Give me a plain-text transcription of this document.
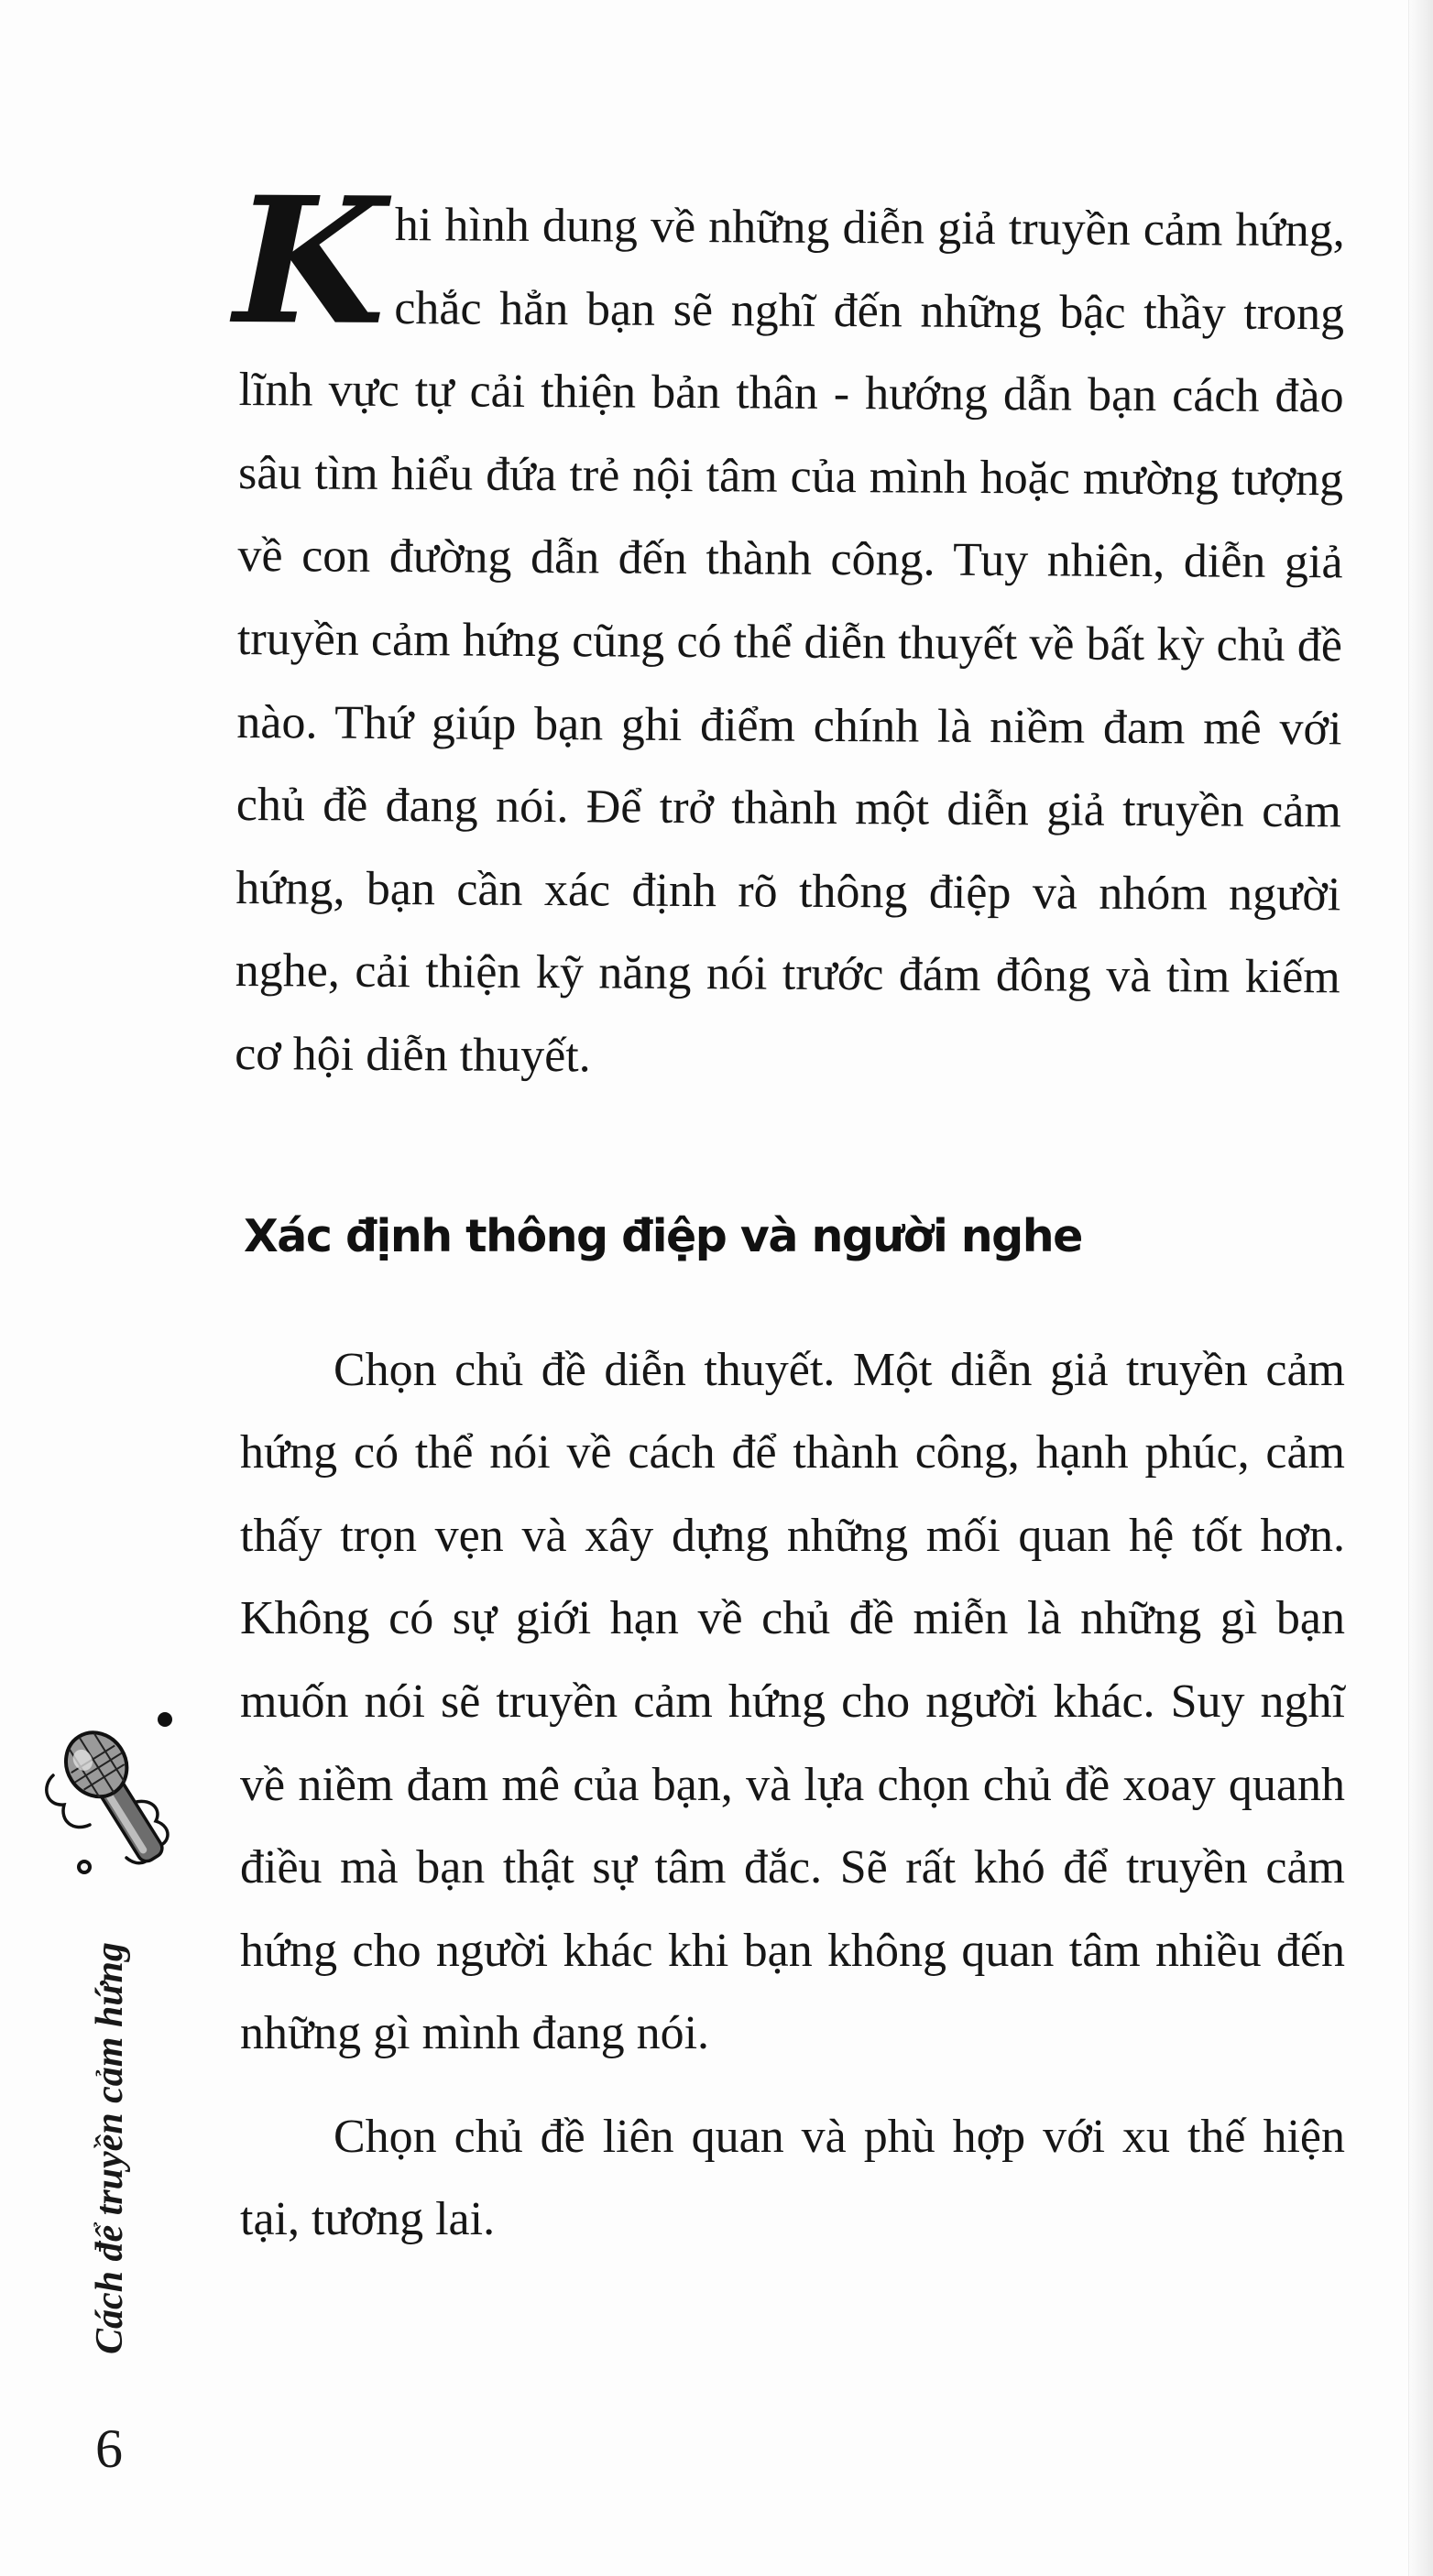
Khi hình dung về những diễn giả truyền cảm hứng, chắc hẳn bạn sẽ nghĩ đến những bậc thầy trong lĩnh vực tự cải thiện bản thân - hướng dẫn bạn cách đào sâu tìm hiểu đứa trẻ nội tâm của mình hoặc mường tượng về con đường dẫn đến thành công. Tuy nhiên, diễn giả truyền cảm hứng cũng có thể diễn thuyết về bất kỳ chủ đề nào. Thứ giúp bạn ghi điểm chính là niềm đam mê với chủ đề đang nói. Để trở thành một diễn giả truyền cảm hứng, bạn cần xác định rõ thông điệp và nhóm người nghe, cải thiện kỹ năng nói trước đám đông và tìm kiếm cơ hội diễn thuyết.

Xác định thông điệp và người nghe

Chọn chủ đề diễn thuyết. Một diễn giả truyền cảm hứng có thể nói về cách để thành công, hạnh phúc, cảm thấy trọn vẹn và xây dựng những mối quan hệ tốt hơn. Không có sự giới hạn về chủ đề miễn là những gì bạn muốn nói sẽ truyền cảm hứng cho người khác. Suy nghĩ về niềm đam mê của bạn, và lựa chọn chủ đề xoay quanh điều mà bạn thật sự tâm đắc. Sẽ rất khó để truyền cảm hứng cho người khác khi bạn không quan tâm nhiều đến những gì mình đang nói.

Chọn chủ đề liên quan và phù hợp với xu thế hiện tại, tương lai.

Cách để truyền cảm hứng
6
